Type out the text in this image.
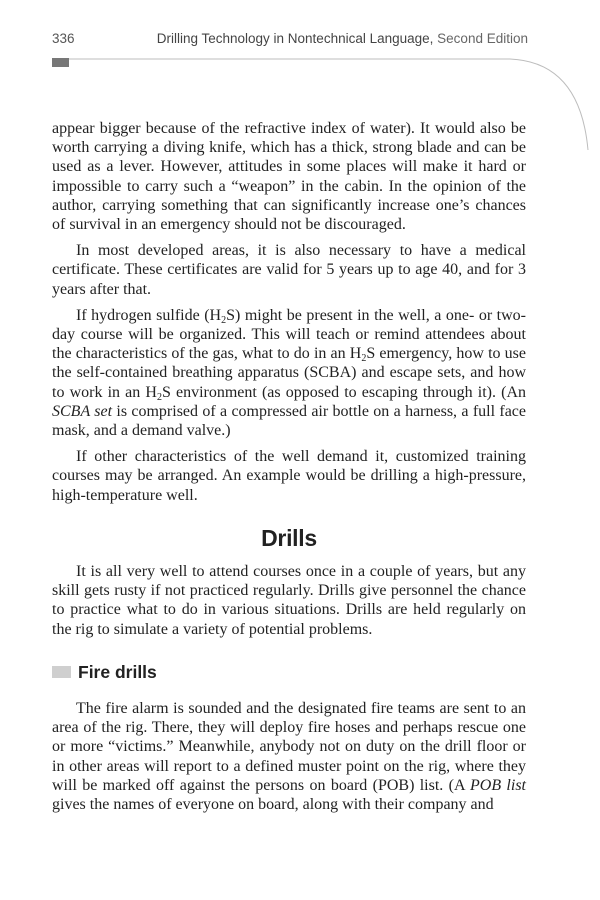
336	Drilling Technology in Nontechnical Language, Second Edition

appear bigger because of the refractive index of water). It would also be worth carrying a diving knife, which has a thick, strong blade and can be used as a lever. However, attitudes in some places will make it hard or impossible to carry such a “weapon” in the cabin. In the opinion of the author, carrying something that can significantly increase one’s chances of survival in an emergency should not be discouraged.

In most developed areas, it is also necessary to have a medical certificate. These certificates are valid for 5 years up to age 40, and for 3 years after that.

If hydrogen sulfide $(H_2S)$ might be present in the well, a one- or two-day course will be organized. This will teach or remind attendees about the characteristics of the gas, what to do in an $H_2S$ emergency, how to use the self-contained breathing apparatus (SCBA) and escape sets, and how to work in an $H_2S$ environment (as opposed to escaping through it). (An SCBA set is comprised of a compressed air bottle on a harness, a full face mask, and a demand valve.)

If other characteristics of the well demand it, customized training courses may be arranged. An example would be drilling a high-pressure, high-temperature well.

Drills

It is all very well to attend courses once in a couple of years, but any skill gets rusty if not practiced regularly. Drills give personnel the chance to practice what to do in various situations. Drills are held regularly on the rig to simulate a variety of potential problems.

Fire drills

The fire alarm is sounded and the designated fire teams are sent to an area of the rig. There, they will deploy fire hoses and perhaps rescue one or more “victims.” Meanwhile, anybody not on duty on the drill floor or in other areas will report to a defined muster point on the rig, where they will be marked off against the persons on board (POB) list. (A POB list gives the names of everyone on board, along with their company and
